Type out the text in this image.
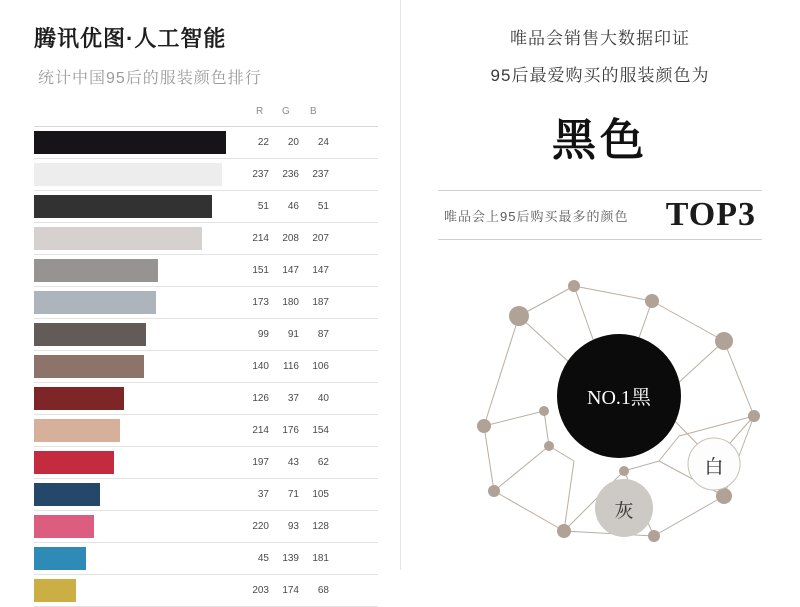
腾讯优图·人工智能
统计中国95后的服装颜色排行
R G B
22 20 24
237 236 237
51 46 51
214 208 207
151 147 147
173 180 187
99 91 87
140 116 106
126 37 40
214 176 154
197 43 62
37 71 105
220 93 128
45 139 181
203 174 68
唯品会销售大数据印证
95后最爱购买的服装颜色为
黑色
唯品会上95后购买最多的颜色 TOP3
NO.1黑
白
灰
